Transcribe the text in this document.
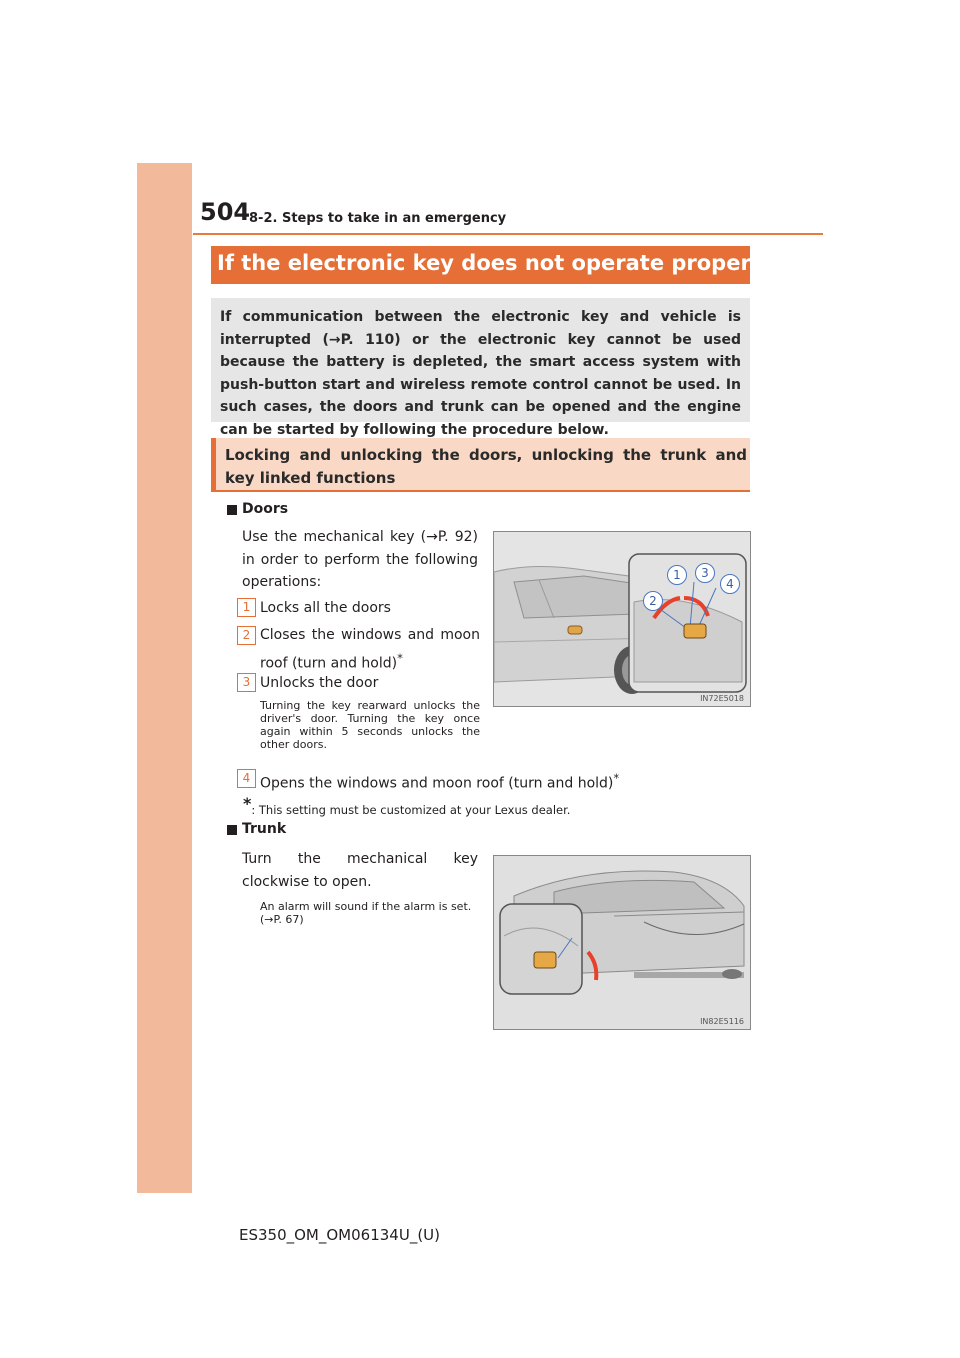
504
8-2. Steps to take in an emergency
If the electronic key does not operate properly

If communication between the electronic key and vehicle is interrupted (→P. 110) or the electronic key cannot be used because the battery is depleted, the smart access system with push-button start and wireless remote control cannot be used. In such cases, the doors and trunk can be opened and the engine can be started by following the procedure below.

Locking and unlocking the doors, unlocking the trunk and key linked functions

Doors
Use the mechanical key (→P. 92) in order to perform the following operations:
1 Locks all the doors
2 Closes the windows and moon roof (turn and hold)*
3 Unlocks the door
Turning the key rearward unlocks the driver's door. Turning the key once again within 5 seconds unlocks the other doors.
4 Opens the windows and moon roof (turn and hold)*
*: This setting must be customized at your Lexus dealer.
1	3
4
2
IN72E5018
Trunk
Turn the mechanical key clockwise to open.
An alarm will sound if the alarm is set. (→P. 67)
IN82E5116
ES350_OM_OM06134U_(U)
